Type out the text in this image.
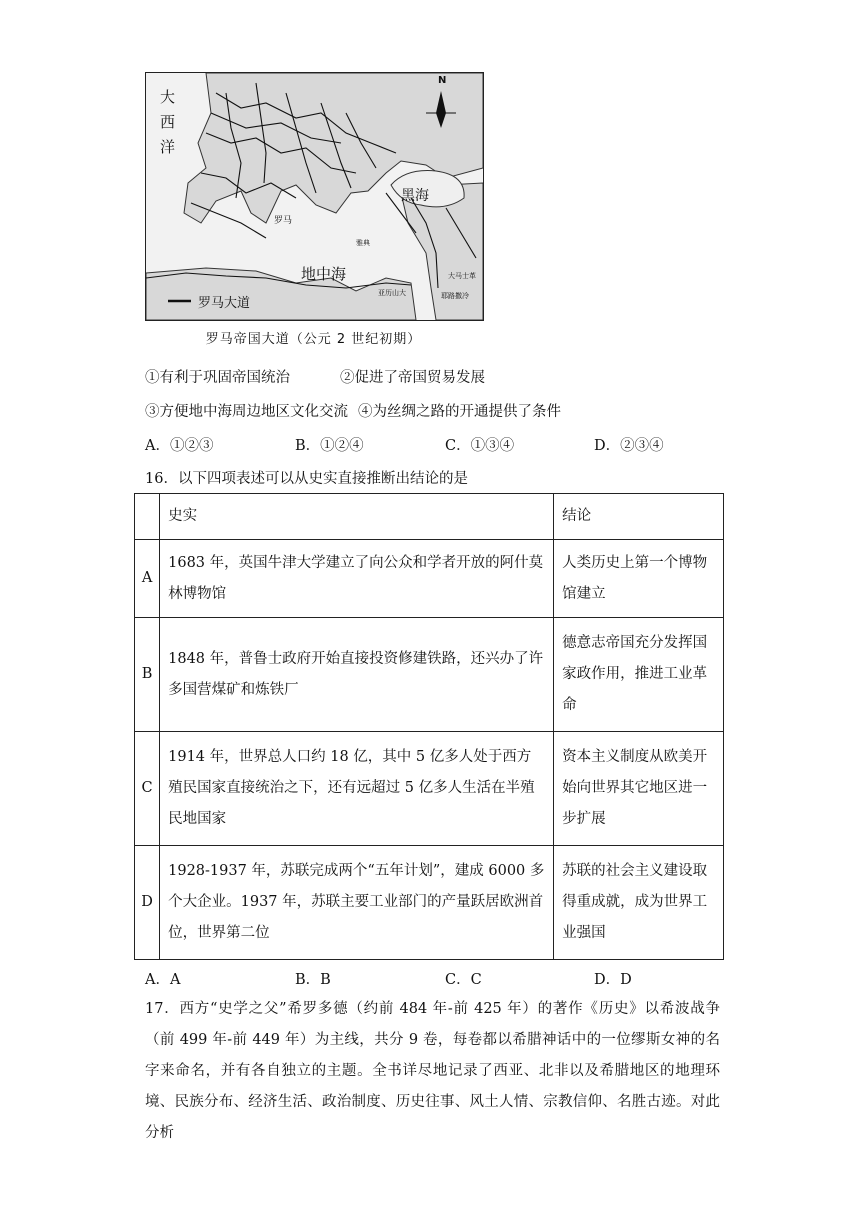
大
西
洋
N
黑海
罗马
雅典
地中海	大马士革
亚历山大	耶路撒冷
罗马大道
罗马帝国大道（公元 2 世纪初期）
①有利于巩固帝国统治	②促进了帝国贸易发展
③方便地中海周边地区文化交流 ④为丝绸之路的开通提供了条件
A．①②③	B．①②④	C．①③④	D．②③④
16．以下四项表述可以从史实直接推断出结论的是
	史实	结论
A	1683 年，英国牛津大学建立了向公众和学者开放的阿什莫林博物馆	人类历史上第一个博物馆建立
B	1848 年，普鲁士政府开始直接投资修建铁路，还兴办了许多国营煤矿和炼铁厂	德意志帝国充分发挥国家政作用，推进工业革命
C	1914 年，世界总人口约 18 亿，其中 5 亿多人处于西方殖民国家直接统治之下，还有远超过 5 亿多人生活在半殖民地国家	资本主义制度从欧美开始向世界其它地区进一步扩展
D	1928-1937 年，苏联完成两个“五年计划”，建成 6000 多个大企业。1937 年，苏联主要工业部门的产量跃居欧洲首位，世界第二位	苏联的社会主义建设取得重成就，成为世界工业强国
A．A	B．B	C．C	D．D
17．西方“史学之父”希罗多德（约前 484 年-前 425 年）的著作《历史》以希波战争（前 499 年-前 449 年）为主线，共分 9 卷，每卷都以希腊神话中的一位缪斯女神的名字来命名，并有各自独立的主题。全书详尽地记录了西亚、北非以及希腊地区的地理环境、民族分布、经济生活、政治制度、历史往事、风土人情、宗教信仰、名胜古迹。对此分析
